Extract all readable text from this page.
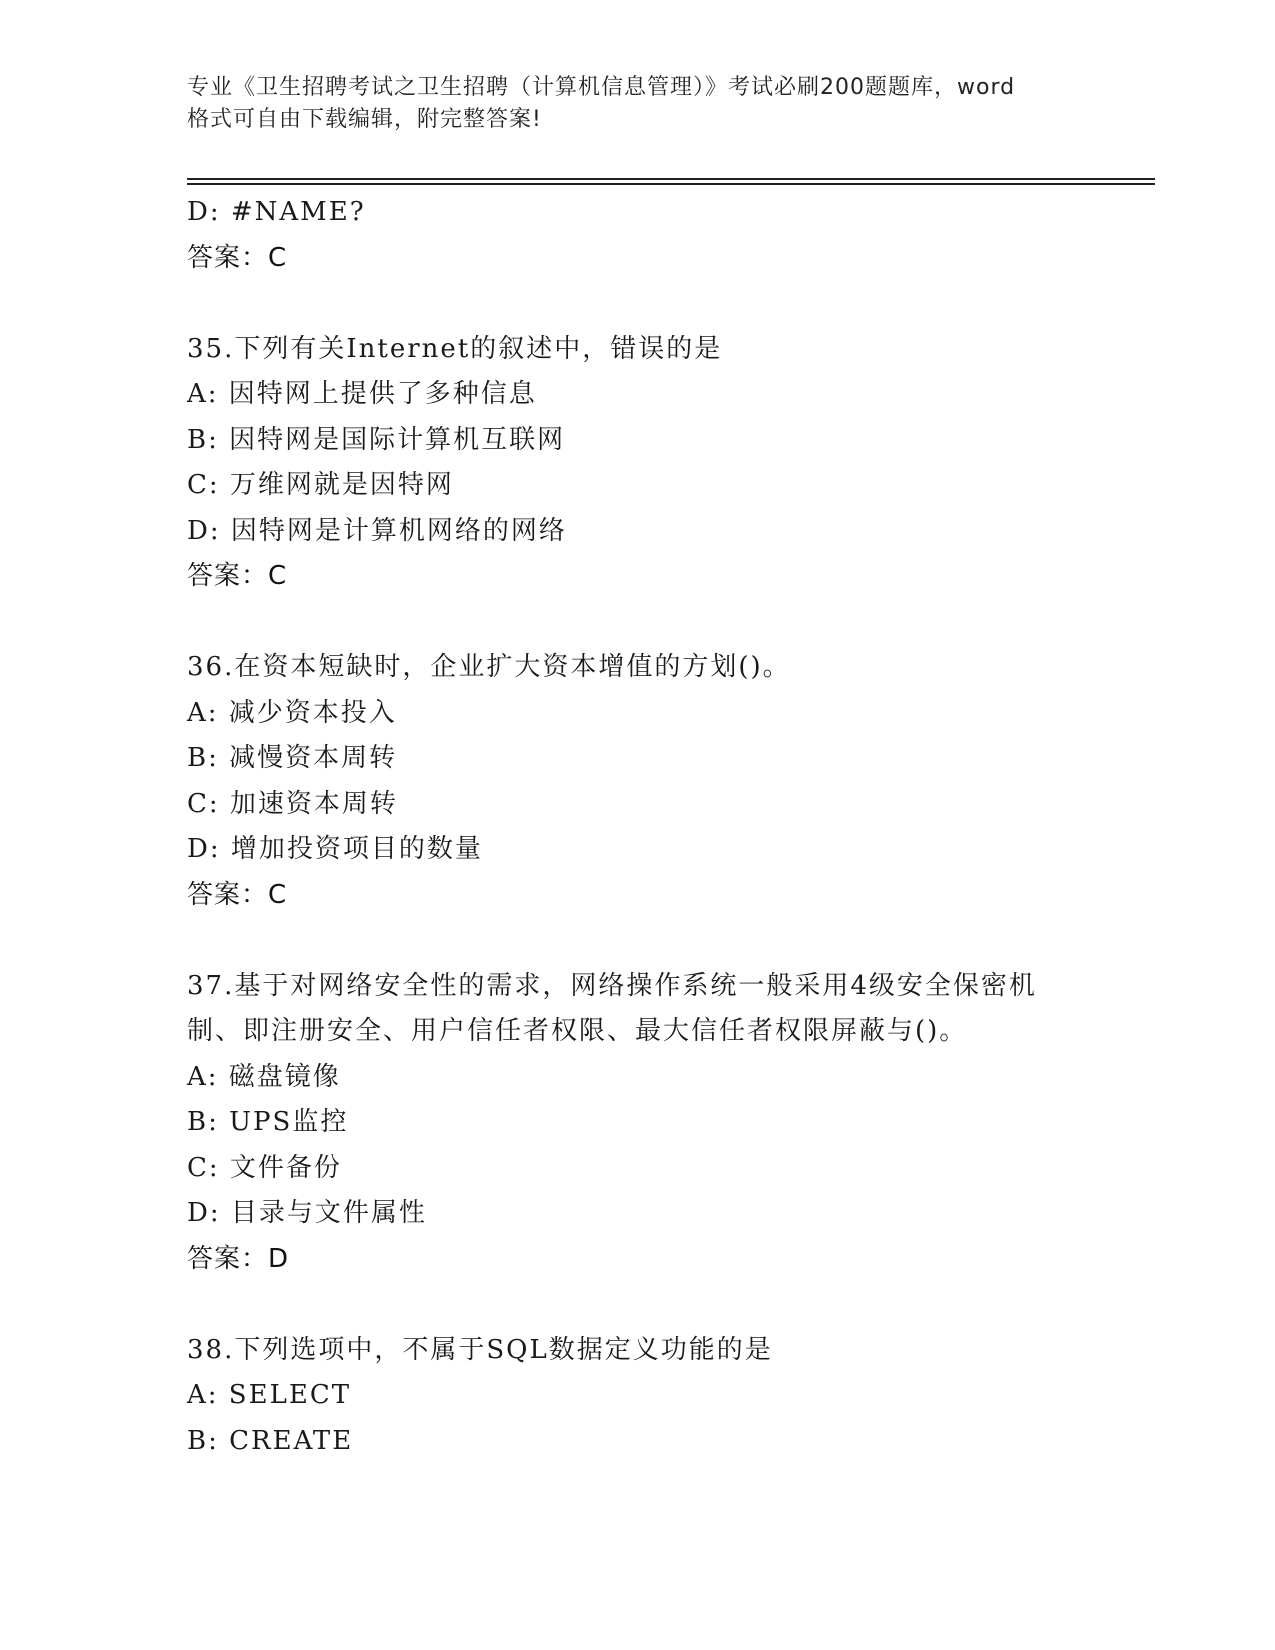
专业《卫生招聘考试之卫生招聘（计算机信息管理）》考试必刷200题题库，word
格式可自由下载编辑，附完整答案!
D: #NAME?
答案：C
35.下列有关Internet的叙述中，错误的是
A: 因特网上提供了多种信息
B: 因特网是国际计算机互联网
C: 万维网就是因特网
D: 因特网是计算机网络的网络
答案：C
36.在资本短缺时，企业扩大资本增值的方划()。
A: 减少资本投入
B: 减慢资本周转
C: 加速资本周转
D: 增加投资项目的数量
答案：C
37.基于对网络安全性的需求，网络操作系统一般采用4级安全保密机
制、即注册安全、用户信任者权限、最大信任者权限屏蔽与()。
A: 磁盘镜像
B: UPS监控
C: 文件备份
D: 目录与文件属性
答案：D
38.下列选项中，不属于SQL数据定义功能的是
A: SELECT
B: CREATE
